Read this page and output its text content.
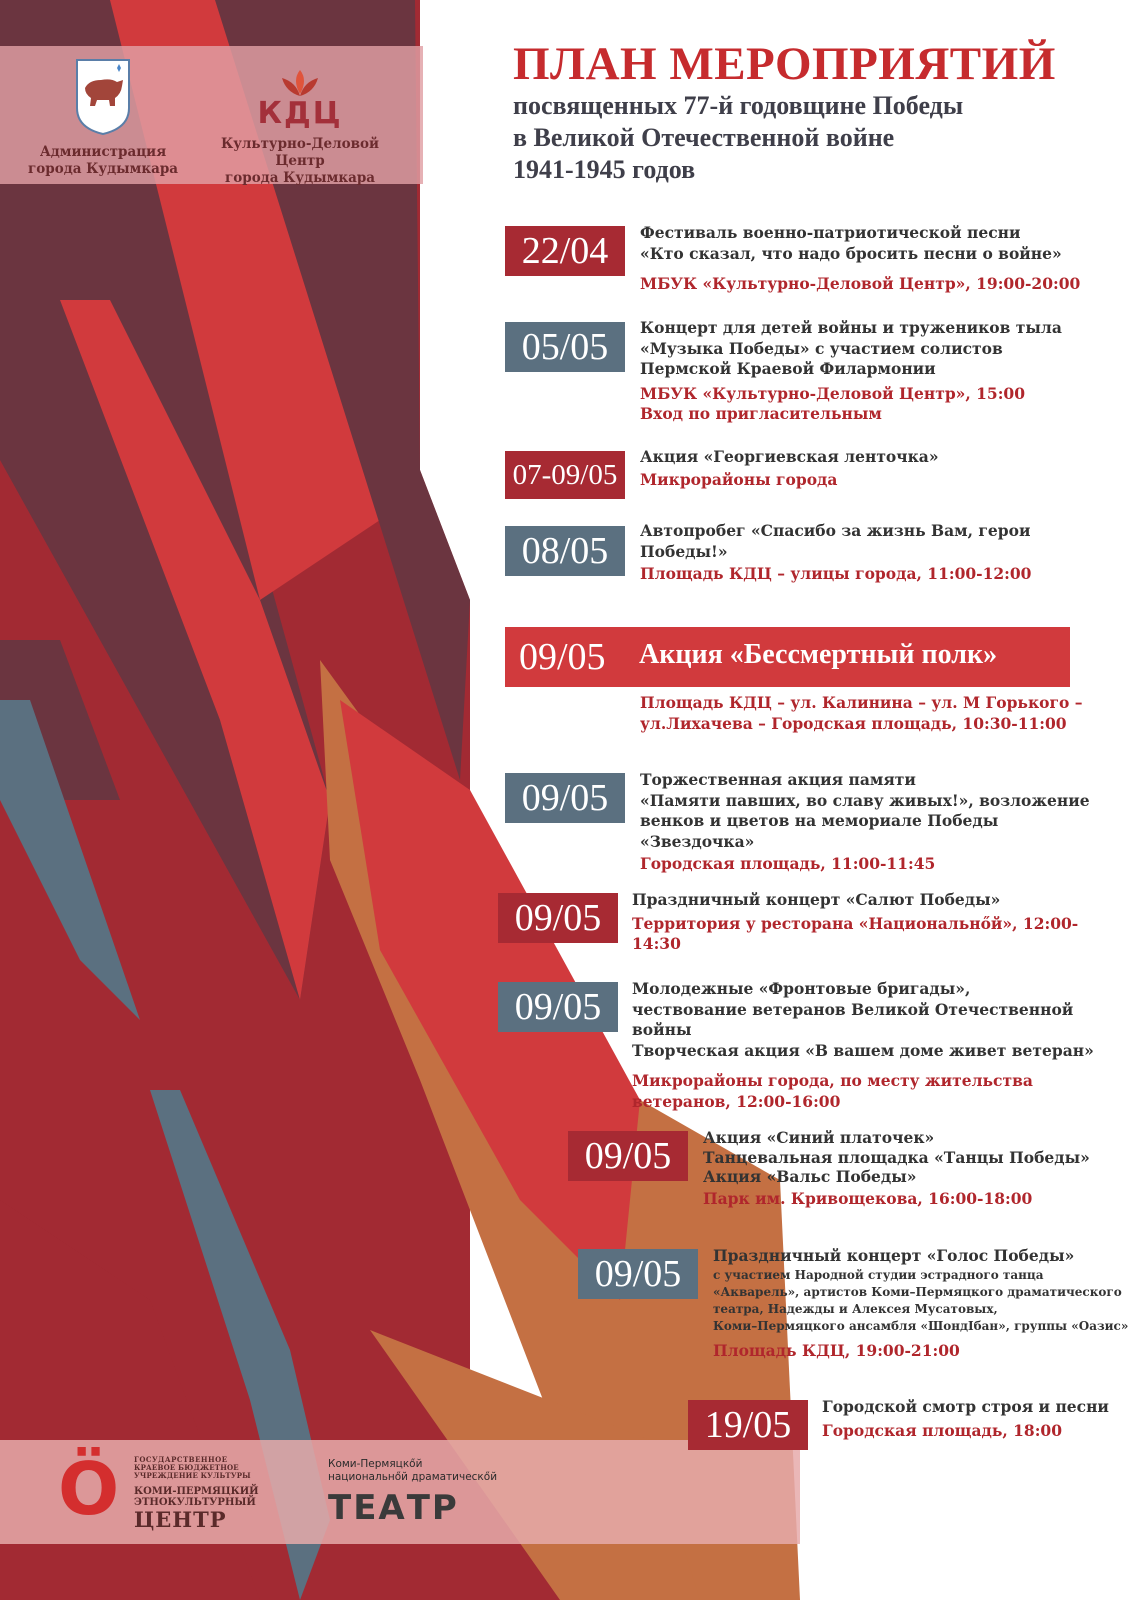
Администрация
города Кудымкара
КДЦ
Культурно-Деловой Центр
города Кудымкара
ПЛАН МЕРОПРИЯТИЙ
посвященных 77-й годовщине Победы
в Великой Отечественной войне
1941-1945 годов
22/04	Фестиваль военно-патриотической песни
«Кто сказал, что надо бросить песни о войне»
МБУК «Культурно-Деловой Центр», 19:00-20:00
05/05	Концерт для детей войны и тружеников тыла
«Музыка Победы» с участием солистов
Пермской Краевой Филармонии
МБУК «Культурно-Деловой Центр», 15:00
Вход по пригласительным
07-09/05
Акция «Георгиевская ленточка»
Микрорайоны города
08/05	Автопробег «Спасибо за жизнь Вам, герои Победы!»
Площадь КДЦ – улицы города, 11:00-12:00
09/05 Акция «Бессмертный полк»
Площадь КДЦ – ул. Калинина – ул. М Горького –
ул.Лихачева – Городская площадь, 10:30-11:00
09/05	Торжественная акция памяти
«Памяти павших, во славу живых!», возложение
венков и цветов на мемориале Победы «Звездочка»
Городская площадь, 11:00-11:45
09/05	Праздничный концерт «Салют Победы»
Территория у ресторана «Национальнőй», 12:00-14:30
09/05	Молодежные «Фронтовые бригады»,
чествование ветеранов Великой Отечественной войны
Творческая акция «В вашем доме живет ветеран»
Микрорайоны города, по месту жительства
ветеранов, 12:00-16:00
09/05	Акция «Синий платочек»
Танцевальная площадка «Танцы Победы»
Акция «Вальс Победы»
Парк им. Кривощекова, 16:00-18:00
09/05	Праздничный концерт «Голос Победы»
с участием Народной студии эстрадного танца
«Акварель», артистов Коми–Пермяцкого драматического
театра, Надежды и Алексея Мусатовых,
Коми–Пермяцкого ансамбля «ШондIбан», группы «Оазис»
Площадь КДЦ, 19:00-21:00
19/05	Городской смотр строя и песни
Городская площадь, 18:00
Ö ГОСУДАРСТВЕННОЕ
КРАЕВОЕ БЮДЖЕТНОЕ
УЧРЕЖДЕНИЕ КУЛЬТУРЫ
КОМИ-ПЕРМЯЦКИЙ
ЭТНОКУЛЬТУРНЫЙ
ЦЕНТР
Коми-Пермяцкőй
национальнőй драматическőй
ТЕАТР
